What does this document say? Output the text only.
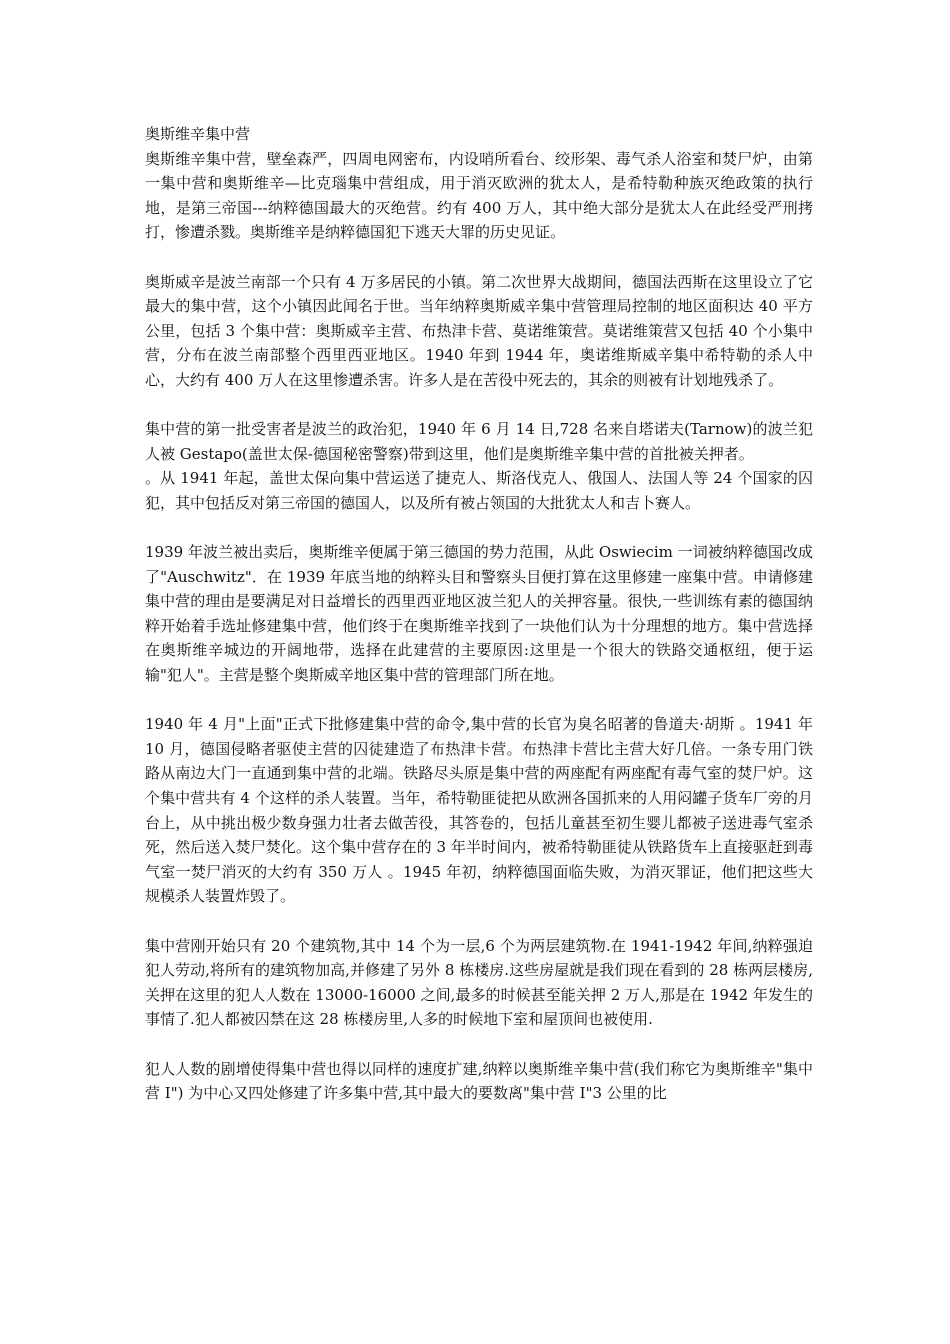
奥斯维辛集中营

奥斯维辛集中营，壁垒森严，四周电网密布，内设哨所看台、绞形架、毒气杀人浴室和焚尸炉，由第一集中营和奥斯维辛—比克瑙集中营组成，用于消灭欧洲的犹太人，是希特勒种族灭绝政策的执行地，是第三帝国---纳粹德国最大的灭绝营。约有 400 万人，其中绝大部分是犹太人在此经受严刑拷打，惨遭杀戮。奥斯维辛是纳粹德国犯下逃天大罪的历史见证。

奥斯威辛是波兰南部一个只有 4 万多居民的小镇。第二次世界大战期间，德国法西斯在这里设立了它最大的集中营，这个小镇因此闻名于世。当年纳粹奥斯威辛集中营管理局控制的地区面积达 40 平方公里，包括 3 个集中营：奥斯威辛主营、布热津卡营、莫诺维策营。莫诺维策营又包括 40 个小集中营，分布在波兰南部整个西里西亚地区。1940 年到 1944 年，奥诺维斯威辛集中希特勒的杀人中心，大约有 400 万人在这里惨遭杀害。许多人是在苦役中死去的，其余的则被有计划地残杀了。

集中营的第一批受害者是波兰的政治犯，1940 年 6 月 14 日,728 名来自塔诺夫(Tarnow)的波兰犯人被 Gestapo(盖世太保-德国秘密警察)带到这里，他们是奥斯维辛集中营的首批被关押者。

。从 1941 年起，盖世太保向集中营运送了捷克人、斯洛伐克人、俄国人、法国人等 24 个国家的囚犯，其中包括反对第三帝国的德国人，以及所有被占领国的大批犹太人和吉卜赛人。

1939 年波兰被出卖后，奥斯维辛便属于第三德国的势力范围，从此 Oswiecim 一词被纳粹德国改成了"Auschwitz"．在 1939 年底当地的纳粹头目和警察头目便打算在这里修建一座集中营。申请修建集中营的理由是要满足对日益增长的西里西亚地区波兰犯人的关押容量。很快,一些训练有素的德国纳粹开始着手选址修建集中营，他们终于在奥斯维辛找到了一块他们认为十分理想的地方。集中营选择在奥斯维辛城边的开阔地带，选择在此建营的主要原因:这里是一个很大的铁路交通枢纽，便于运输"犯人"。主营是整个奥斯威辛地区集中营的管理部门所在地。

1940 年 4 月"上面"正式下批修建集中营的命令,集中营的长官为臭名昭著的鲁道夫·胡斯 。1941 年 10 月，德国侵略者驱使主营的囚徒建造了布热津卡营。布热津卡营比主营大好几倍。一条专用门铁路从南边大门一直通到集中营的北端。铁路尽头原是集中营的两座配有两座配有毒气室的焚尸炉。这个集中营共有 4 个这样的杀人装置。当年，希特勒匪徒把从欧洲各国抓来的人用闷罐子货车厂旁的月台上，从中挑出极少数身强力壮者去做苦役，其答卷的，包括儿童甚至初生婴儿都被子送进毒气室杀死，然后送入焚尸焚化。这个集中营存在的 3 年半时间内，被希特勒匪徒从铁路货车上直接驱赶到毒气室一焚尸消灭的大约有 350 万人 。1945 年初，纳粹德国面临失败，为消灭罪证，他们把这些大规模杀人装置炸毁了。

集中营刚开始只有 20 个建筑物,其中 14 个为一层,6 个为两层建筑物.在 1941-1942 年间,纳粹强迫犯人劳动,将所有的建筑物加高,并修建了另外 8 栋楼房.这些房屋就是我们现在看到的 28 栋两层楼房,关押在这里的犯人人数在 13000-16000 之间,最多的时候甚至能关押 2 万人,那是在 1942 年发生的事情了.犯人都被囚禁在这 28 栋楼房里,人多的时候地下室和屋顶间也被使用.

犯人人数的剧增使得集中营也得以同样的速度扩建,纳粹以奥斯维辛集中营(我们称它为奥斯维辛"集中营 I") 为中心又四处修建了许多集中营,其中最大的要数离"集中营 I"3 公里的比
